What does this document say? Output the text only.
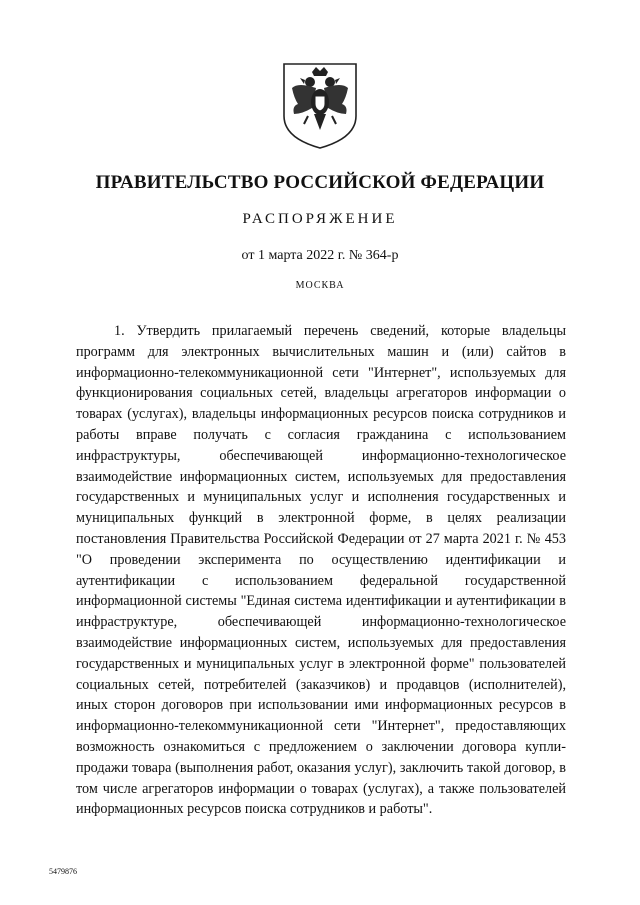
ПРАВИТЕЛЬСТВО РОССИЙСКОЙ ФЕДЕРАЦИИ
РАСПОРЯЖЕНИЕ
от 1 марта 2022 г. № 364-р
МОСКВА

1. Утвердить прилагаемый перечень сведений, которые владельцы программ для электронных вычислительных машин и (или) сайтов в информационно-телекоммуникационной сети "Интернет", используемых для функционирования социальных сетей, владельцы агрегаторов информации о товарах (услугах), владельцы информационных ресурсов поиска сотрудников и работы вправе получать с согласия гражданина с использованием инфраструктуры, обеспечивающей информационно-технологическое взаимодействие информационных систем, используемых для предоставления государственных и муниципальных услуг и исполнения государственных и муниципальных функций в электронной форме, в целях реализации постановления Правительства Российской Федерации от 27 марта 2021 г. № 453 "О проведении эксперимента по осуществлению идентификации и аутентификации с использованием федеральной государственной информационной системы "Единая система идентификации и аутентификации в инфраструктуре, обеспечивающей информационно-технологическое взаимодействие информационных систем, используемых для предоставления государственных и муниципальных услуг в электронной форме" пользователей социальных сетей, потребителей (заказчиков) и продавцов (исполнителей), иных сторон договоров при использовании ими информационных ресурсов в информационно-телекоммуникационной сети "Интернет", предоставляющих возможность ознакомиться с предложением о заключении договора купли-продажи товара (выполнения работ, оказания услуг), заключить такой договор, в том числе агрегаторов информации о товарах (услугах), а также пользователей информационных ресурсов поиска сотрудников и работы".

5479876
